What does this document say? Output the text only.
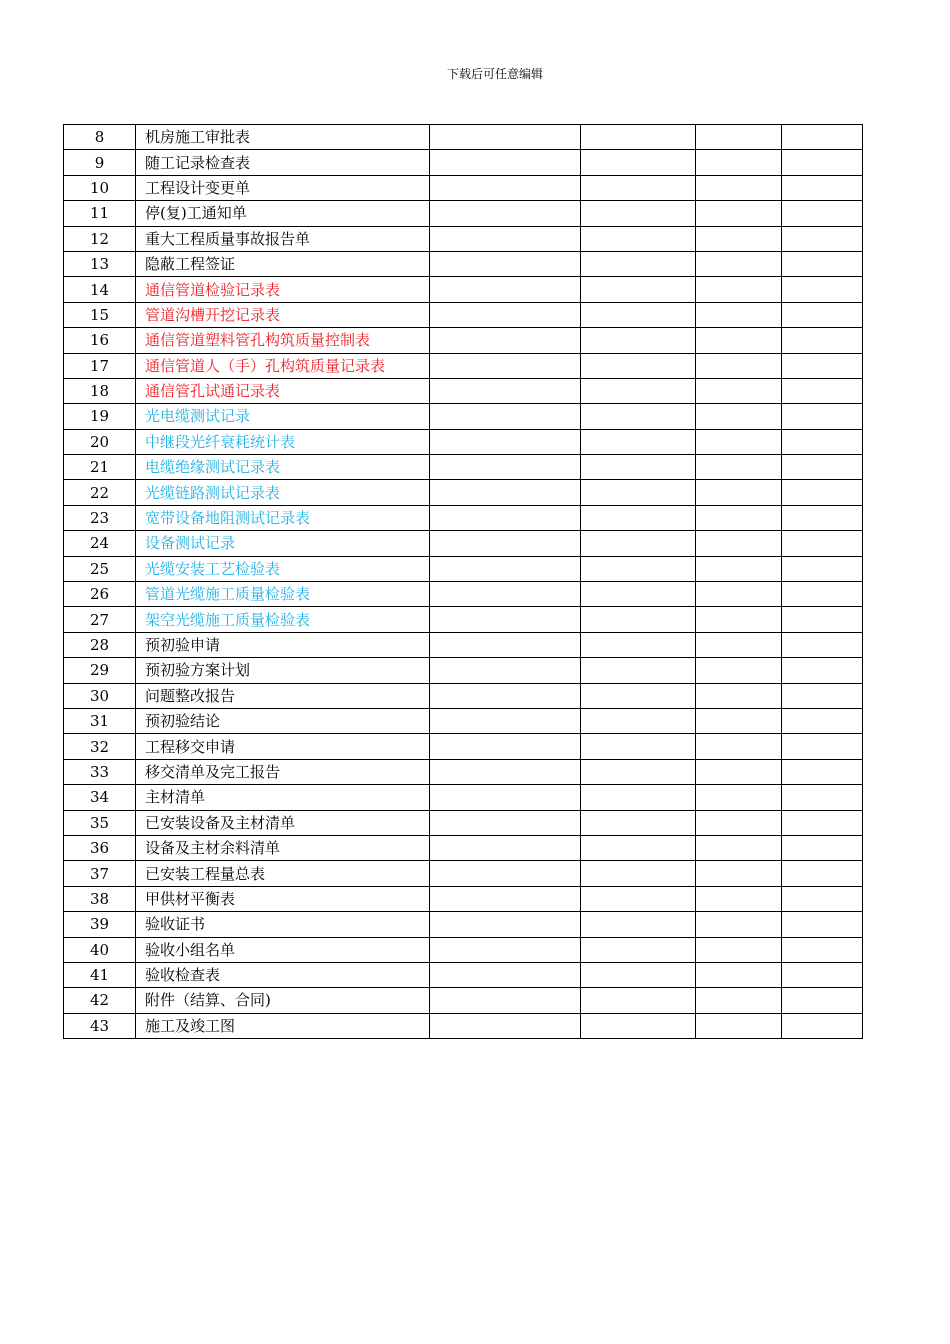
下载后可任意编辑
8	机房施工审批表				
9	随工记录检查表				
10	工程设计变更单				
11	停(复)工通知单				
12	重大工程质量事故报告单				
13	隐蔽工程签证				
14	通信管道检验记录表				
15	管道沟槽开挖记录表				
16	通信管道塑料管孔构筑质量控制表				
17	通信管道人（手）孔构筑质量记录表				
18	通信管孔试通记录表				
19	光电缆测试记录				
20	中继段光纤衰耗统计表				
21	电缆绝缘测试记录表				
22	光缆链路测试记录表				
23	宽带设备地阻测试记录表				
24	设备测试记录				
25	光缆安装工艺检验表				
26	管道光缆施工质量检验表				
27	架空光缆施工质量检验表				
28	预初验申请				
29	预初验方案计划				
30	问题整改报告				
31	预初验结论				
32	工程移交申请				
33	移交清单及完工报告				
34	主材清单				
35	已安装设备及主材清单				
36	设备及主材余料清单				
37	已安装工程量总表				
38	甲供材平衡表				
39	验收证书				
40	验收小组名单				
41	验收检查表				
42	附件（结算、合同)				
43	施工及竣工图				
